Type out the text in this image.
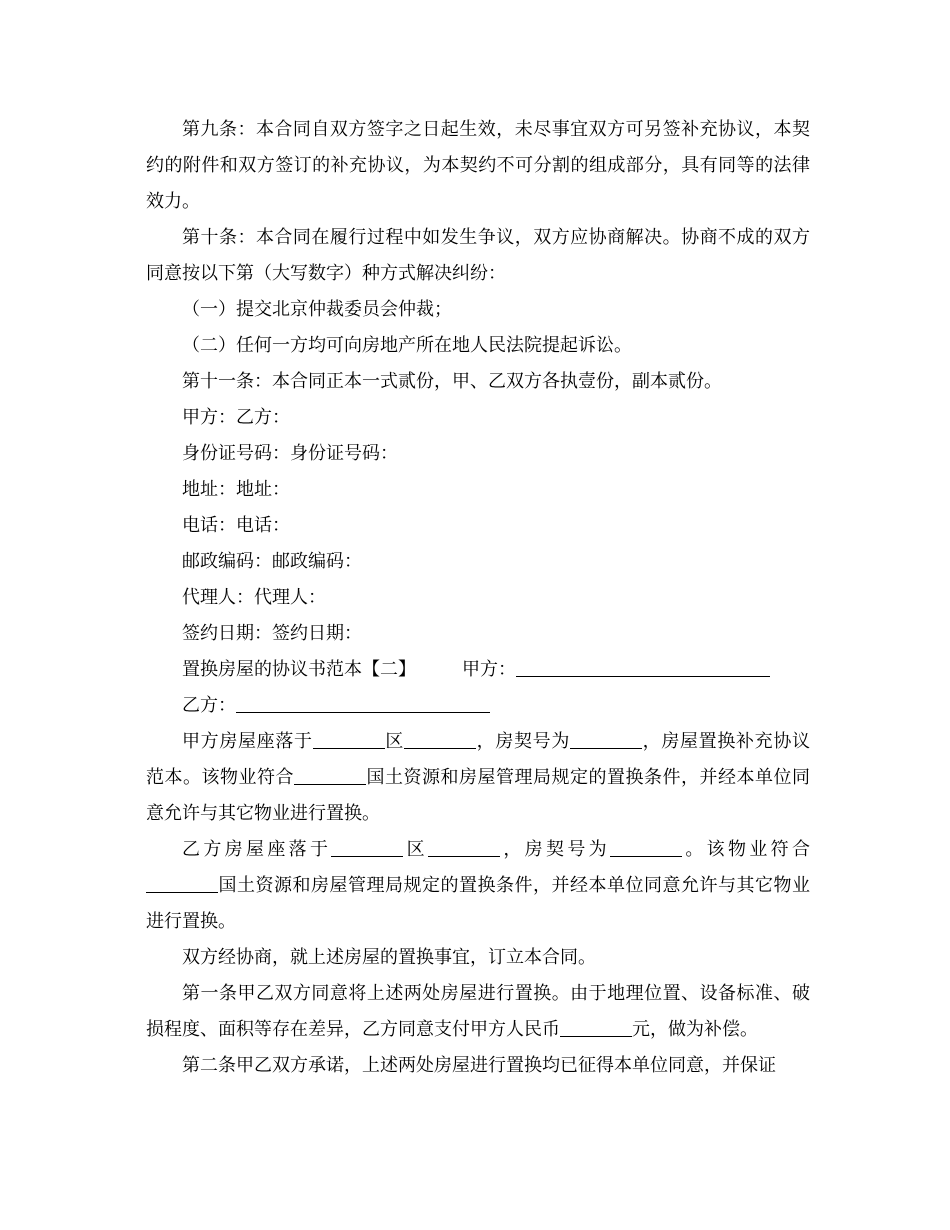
第九条：本合同自双方签字之日起生效，未尽事宜双方可另签补充协议，本契约的附件和双方签订的补充协议，为本契约不可分割的组成部分，具有同等的法律效力。

第十条：本合同在履行过程中如发生争议，双方应协商解决。协商不成的双方同意按以下第（大写数字）种方式解决纠纷：

（一）提交北京仲裁委员会仲裁；

（二）任何一方均可向房地产所在地人民法院提起诉讼。

第十一条：本合同正本一式贰份，甲、乙双方各执壹份，副本贰份。

甲方：乙方：

身份证号码：身份证号码：

地址：地址：

电话：电话：

邮政编码：邮政编码：

代理人：代理人：

签约日期：签约日期：

置换房屋的协议书范本【二】	甲方：

乙方：

甲方房屋座落于	区	，房契号为	，房屋置换补充协议范本。该物业符合	国土资源和房屋管理局规定的置换条件，并经本单位同意允许与其它物业进行置换。

乙方房屋座落于	区	，房契号为	。该物业符合国土资源和房屋管理局规定的置换条件，并经本单位同意允许与其它物业进行置换。

双方经协商，就上述房屋的置换事宜，订立本合同。

第一条甲乙双方同意将上述两处房屋进行置换。由于地理位置、设备标准、破损程度、面积等存在差异，乙方同意支付甲方人民币	元，做为补偿。

第二条甲乙双方承诺，上述两处房屋进行置换均已征得本单位同意，并保证
